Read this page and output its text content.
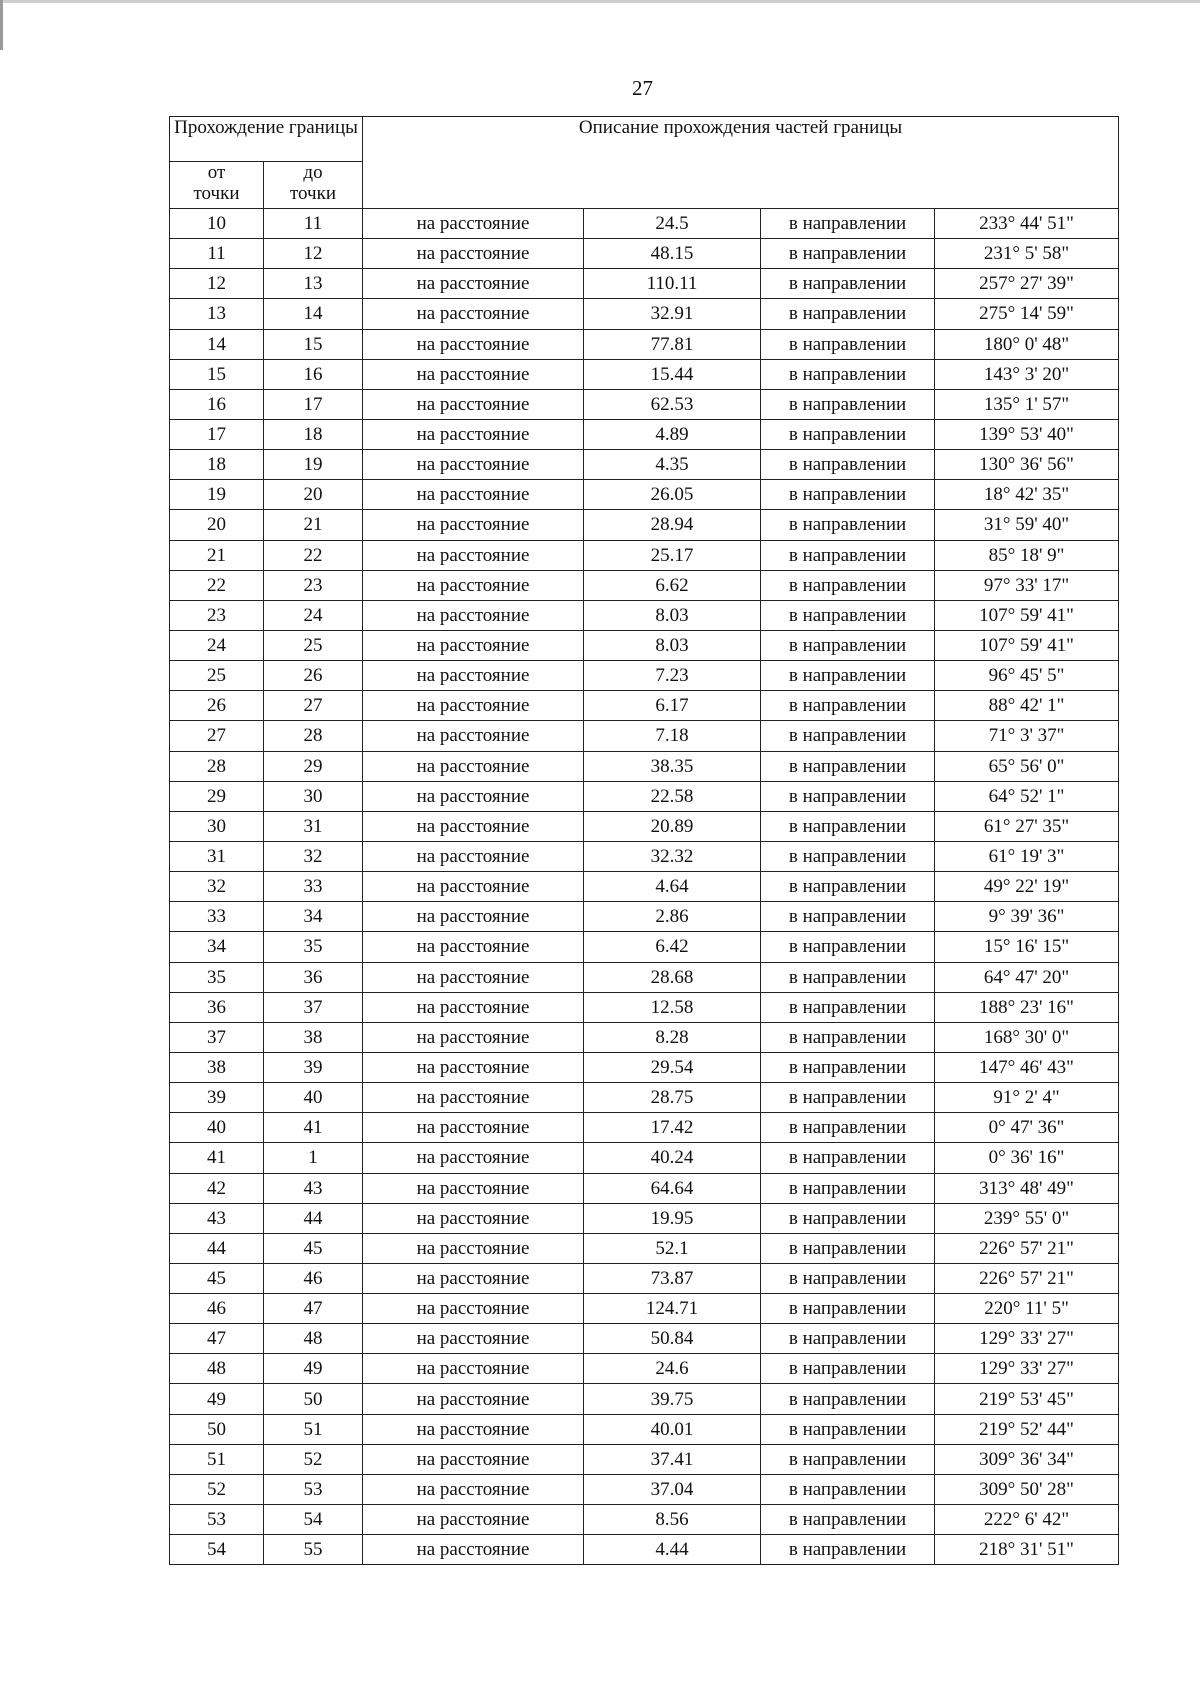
27
Прохождение границы		Описание прохождения частей границы			
от точки	до точки				
10	11	на расстояние	24.5	в направлении	233° 44' 51"
11	12	на расстояние	48.15	в направлении	231° 5' 58"
12	13	на расстояние	110.11	в направлении	257° 27' 39"
13	14	на расстояние	32.91	в направлении	275° 14' 59"
14	15	на расстояние	77.81	в направлении	180° 0' 48"
15	16	на расстояние	15.44	в направлении	143° 3' 20"
16	17	на расстояние	62.53	в направлении	135° 1' 57"
17	18	на расстояние	4.89	в направлении	139° 53' 40"
18	19	на расстояние	4.35	в направлении	130° 36' 56"
19	20	на расстояние	26.05	в направлении	18° 42' 35"
20	21	на расстояние	28.94	в направлении	31° 59' 40"
21	22	на расстояние	25.17	в направлении	85° 18' 9"
22	23	на расстояние	6.62	в направлении	97° 33' 17"
23	24	на расстояние	8.03	в направлении	107° 59' 41"
24	25	на расстояние	8.03	в направлении	107° 59' 41"
25	26	на расстояние	7.23	в направлении	96° 45' 5"
26	27	на расстояние	6.17	в направлении	88° 42' 1"
27	28	на расстояние	7.18	в направлении	71° 3' 37"
28	29	на расстояние	38.35	в направлении	65° 56' 0"
29	30	на расстояние	22.58	в направлении	64° 52' 1"
30	31	на расстояние	20.89	в направлении	61° 27' 35"
31	32	на расстояние	32.32	в направлении	61° 19' 3"
32	33	на расстояние	4.64	в направлении	49° 22' 19"
33	34	на расстояние	2.86	в направлении	9° 39' 36"
34	35	на расстояние	6.42	в направлении	15° 16' 15"
35	36	на расстояние	28.68	в направлении	64° 47' 20"
36	37	на расстояние	12.58	в направлении	188° 23' 16"
37	38	на расстояние	8.28	в направлении	168° 30' 0"
38	39	на расстояние	29.54	в направлении	147° 46' 43"
39	40	на расстояние	28.75	в направлении	91° 2' 4"
40	41	на расстояние	17.42	в направлении	0° 47' 36"
41	1	на расстояние	40.24	в направлении	0° 36' 16"
42	43	на расстояние	64.64	в направлении	313° 48' 49"
43	44	на расстояние	19.95	в направлении	239° 55' 0"
44	45	на расстояние	52.1	в направлении	226° 57' 21"
45	46	на расстояние	73.87	в направлении	226° 57' 21"
46	47	на расстояние	124.71	в направлении	220° 11' 5"
47	48	на расстояние	50.84	в направлении	129° 33' 27"
48	49	на расстояние	24.6	в направлении	129° 33' 27"
49	50	на расстояние	39.75	в направлении	219° 53' 45"
50	51	на расстояние	40.01	в направлении	219° 52' 44"
51	52	на расстояние	37.41	в направлении	309° 36' 34"
52	53	на расстояние	37.04	в направлении	309° 50' 28"
53	54	на расстояние	8.56	в направлении	222° 6' 42"
54	55	на расстояние	4.44	в направлении	218° 31' 51"
